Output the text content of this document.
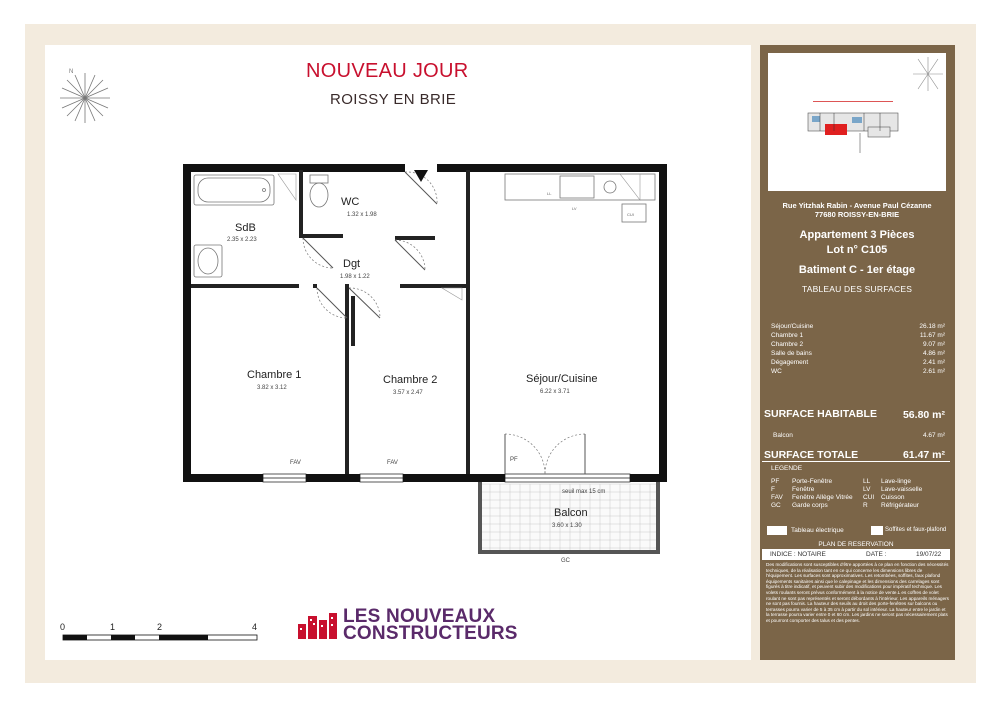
NOUVEAU JOUR
ROISSY EN BRIE
N
SdB
2.35 x 2.23
WC
1.32 x 1.98
Dgt
1.98 x 1.22
Chambre 1
3.82 x 3.12
Chambre 2
3.57 x 2.47
Séjour/Cuisine
6.22 x 3.71
Balcon
3.60 x 1.30
FAV	FAV	PF
seuil max 15 cm
GC
LL
LV
CUI
0	1	2	4	LES NOUVEAUX
CONSTRUCTEURS
Rue Yitzhak Rabin - Avenue Paul Cézanne
77680 ROISSY-EN-BRIE
Appartement 3 Pièces
Lot n° C105
Batiment C - 1er étage
TABLEAU DES SURFACES
Séjour/Cuisine	26.18 m²
Chambre 1	11.67 m²
Chambre 2	9.07 m²
Salle de bains	4.86 m²
Dégagement	2.41 m²
WC	2.61 m²
SURFACE HABITABLE	56.80 m²
Balcon	4.67 m²
SURFACE TOTALE	61.47 m²
LEGENDE
PF Porte-Fenêtre
F	Fenêtre
FAV Fenêtre Allège Vitrée
GC Garde corps
LL Lave-linge
LV Lave-vaisselle
CUI Cuisson
R Réfrigérateur
Tableau électrique	Soffites et faux-plafond
PLAN DE RESERVATION
INDICE : NOTAIRE	DATE :	19/07/22
Des modifications sont susceptibles d'être apportées à ce plan en fonction des nécessités techniques, de la réalisation tant en ce qui concerne les dimensions libres de l'équipement. Les surfaces sont approximatives. Les retombées, soffites, faux plafond équipements sanitaires ainsi que le calepinage et les dimensions des carrelages sont figurés à titre indicatif, et peuvent subir des modifications pour impératif technique. Les volets roulants seront prévus conformément à la notice de vente.L es coffres de volet roulant ne sont pas représentés et seront débordants à l'intérieur. Les appareils ménagers ne sont pas fournis. La hauteur des seuils au droit des porte-fenêtres sur balcons ou terrasses pourra varier de 5 à 35 cm à partir du sol intérieur. La hauteur entre le jardin et la terrasse pourra varier entre 0 et 60 cm. Les jardins ne seront pas nécessairement plats et pourront comporter des talus et des pentes.
